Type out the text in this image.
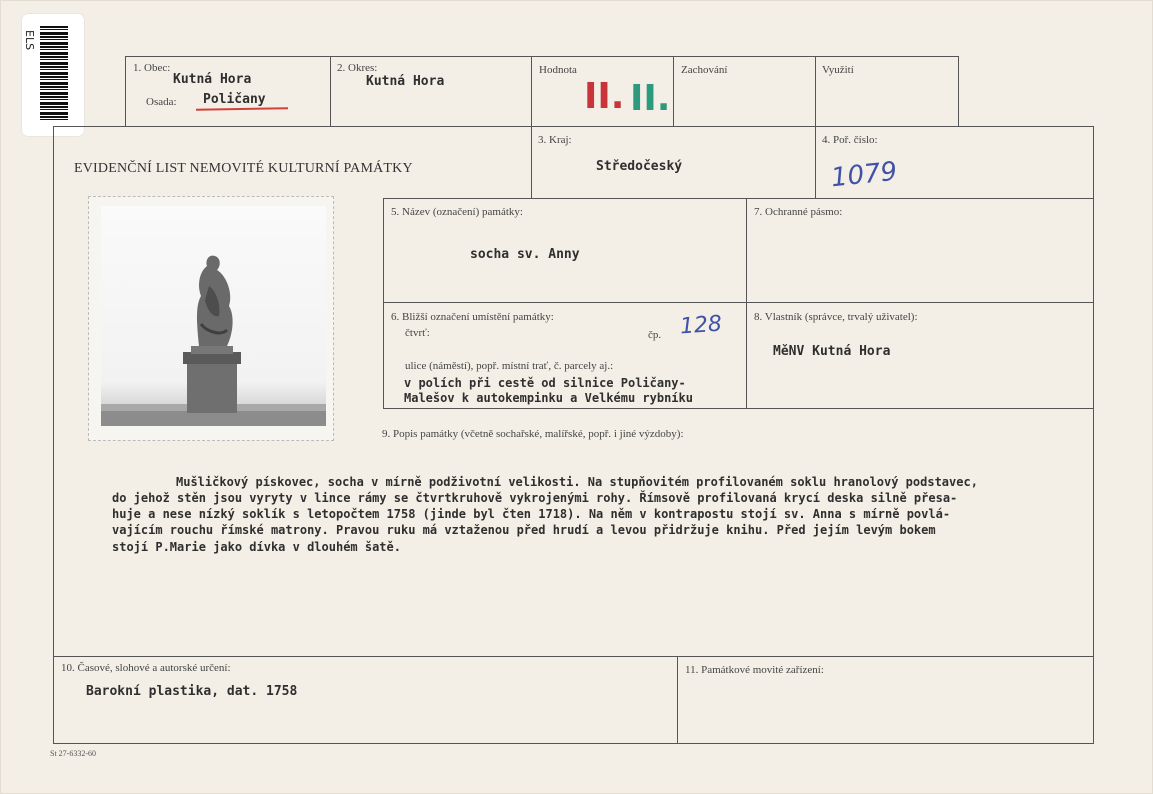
ELS
1. Obec:
Kutná Hora
Osada: Poličany
2. Okres:
Kutná Hora
Hodnota
II. II.
Zachování	Využití
EVIDENČNÍ LIST NEMOVITÉ KULTURNÍ PAMÁTKY
3. Kraj:
Středočeský
4. Poř. číslo:
1079
5. Název (označení) památky:
socha sv. Anny
7. Ochranné pásmo:
6. Bližší označení umístění památky:
čtvrť:	čp. 128
ulice (náměstí), popř. místní trať, č. parcely aj.:
v polích při cestě od silnice Poličany-
Malešov k autokempinku a Velkému rybníku
8. Vlastník (správce, trvalý uživatel):
MěNV Kutná Hora
9. Popis památky (včetně sochařské, malířské, popř. i jiné výzdoby):
Mušličkový pískovec, socha v mírně podživotní velikosti. Na stupňovitém profilovaném soklu hranolový podstavec,
do jehož stěn jsou vyryty v lince rámy se čtvrtkruhově vykrojenými rohy. Římsově profilovaná krycí deska silně přesa-
huje a nese nízký soklík s letopočtem 1758 (jinde byl čten 1718). Na něm v kontrapostu stojí sv. Anna s mírně povlá-
vajícím rouchu římské matrony. Pravou ruku má vztaženou před hrudí a levou přidržuje knihu. Před jejím levým bokem
stojí P.Marie jako dívka v dlouhém šatě.
10. Časové, slohové a autorské určení:
Barokní plastika, dat. 1758
11. Památkové movité zařízení:
St 27-6332-60
